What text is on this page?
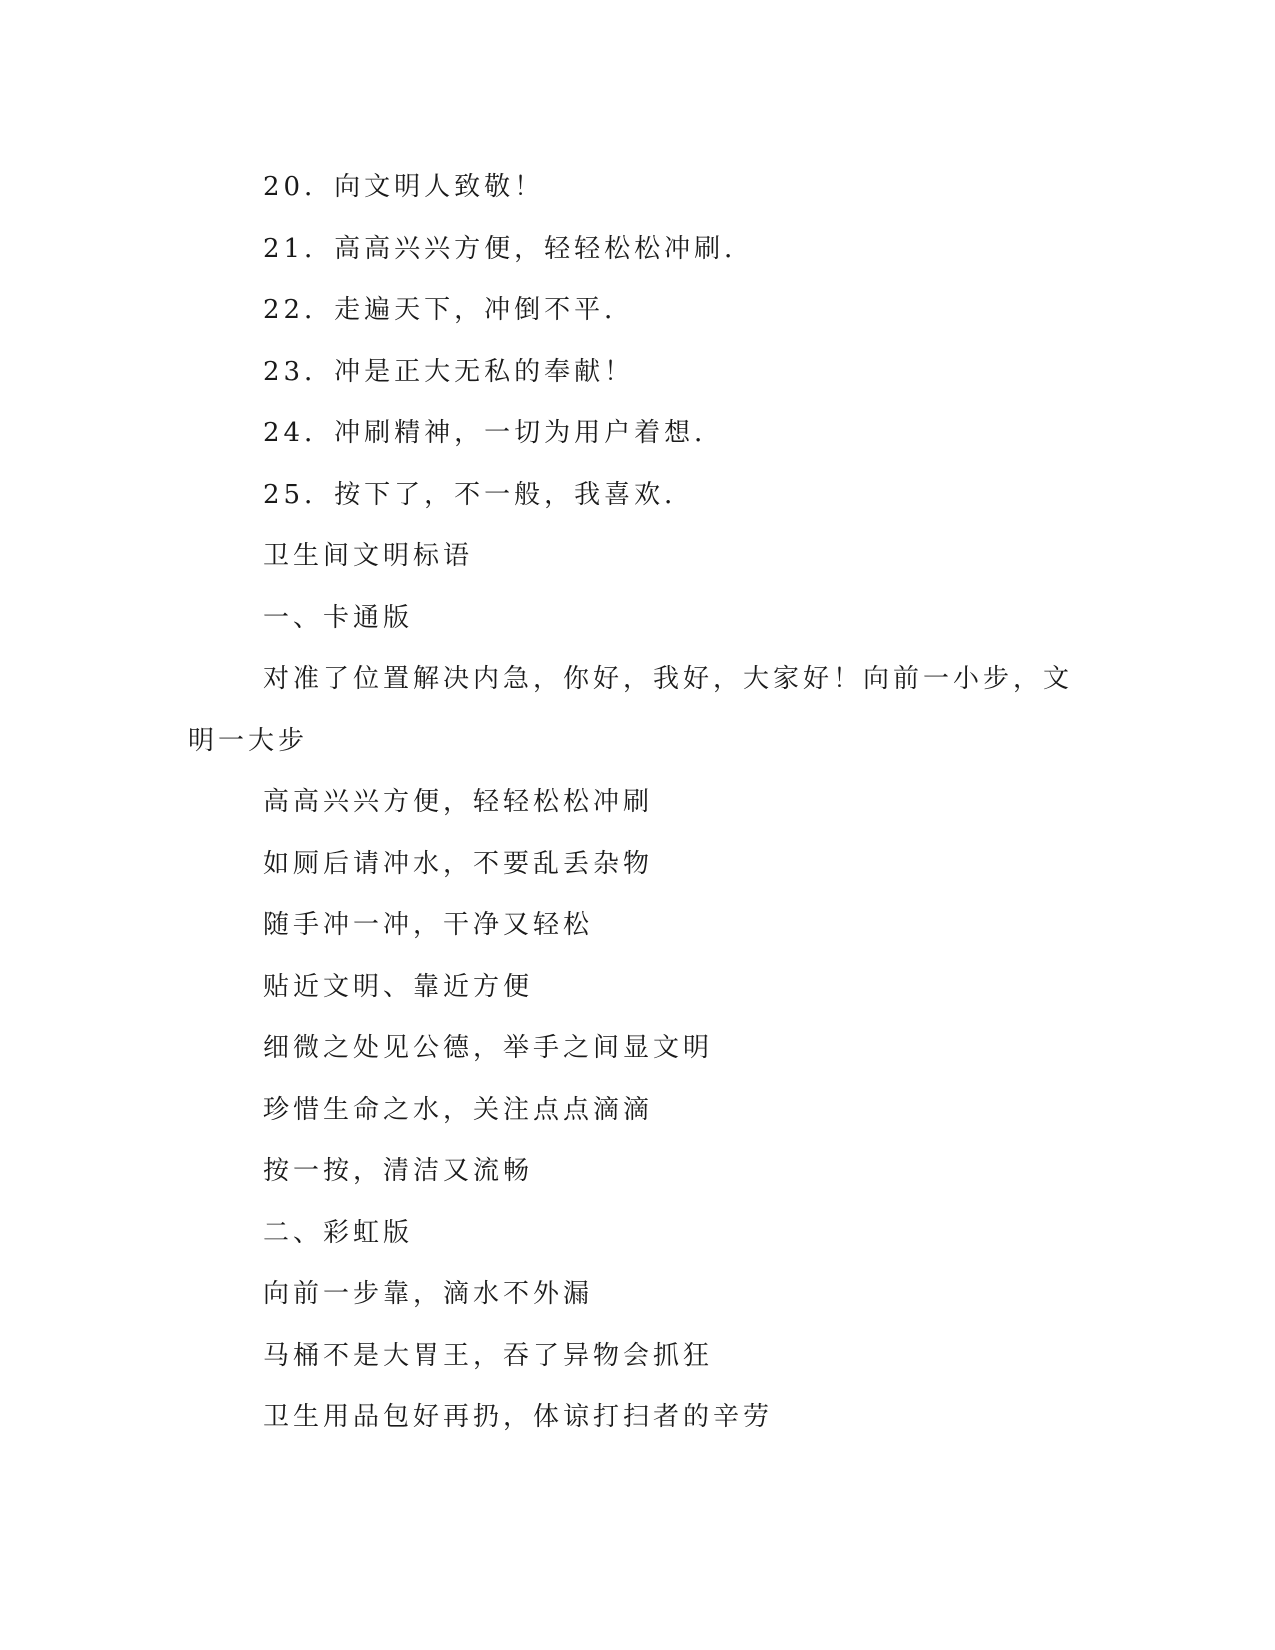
20．向文明人致敬！

21．高高兴兴方便，轻轻松松冲刷．

22．走遍天下，冲倒不平．

23．冲是正大无私的奉献！

24．冲刷精神，一切为用户着想．

25．按下了，不一般，我喜欢．

卫生间文明标语

一、卡通版

对准了位置解决内急，你好，我好，大家好！向前一小步，文明一大步

高高兴兴方便，轻轻松松冲刷

如厕后请冲水，不要乱丢杂物

随手冲一冲，干净又轻松

贴近文明、靠近方便

细微之处见公德，举手之间显文明

珍惜生命之水，关注点点滴滴

按一按，清洁又流畅

二、彩虹版

向前一步靠，滴水不外漏

马桶不是大胃王，吞了异物会抓狂

卫生用品包好再扔，体谅打扫者的辛劳
